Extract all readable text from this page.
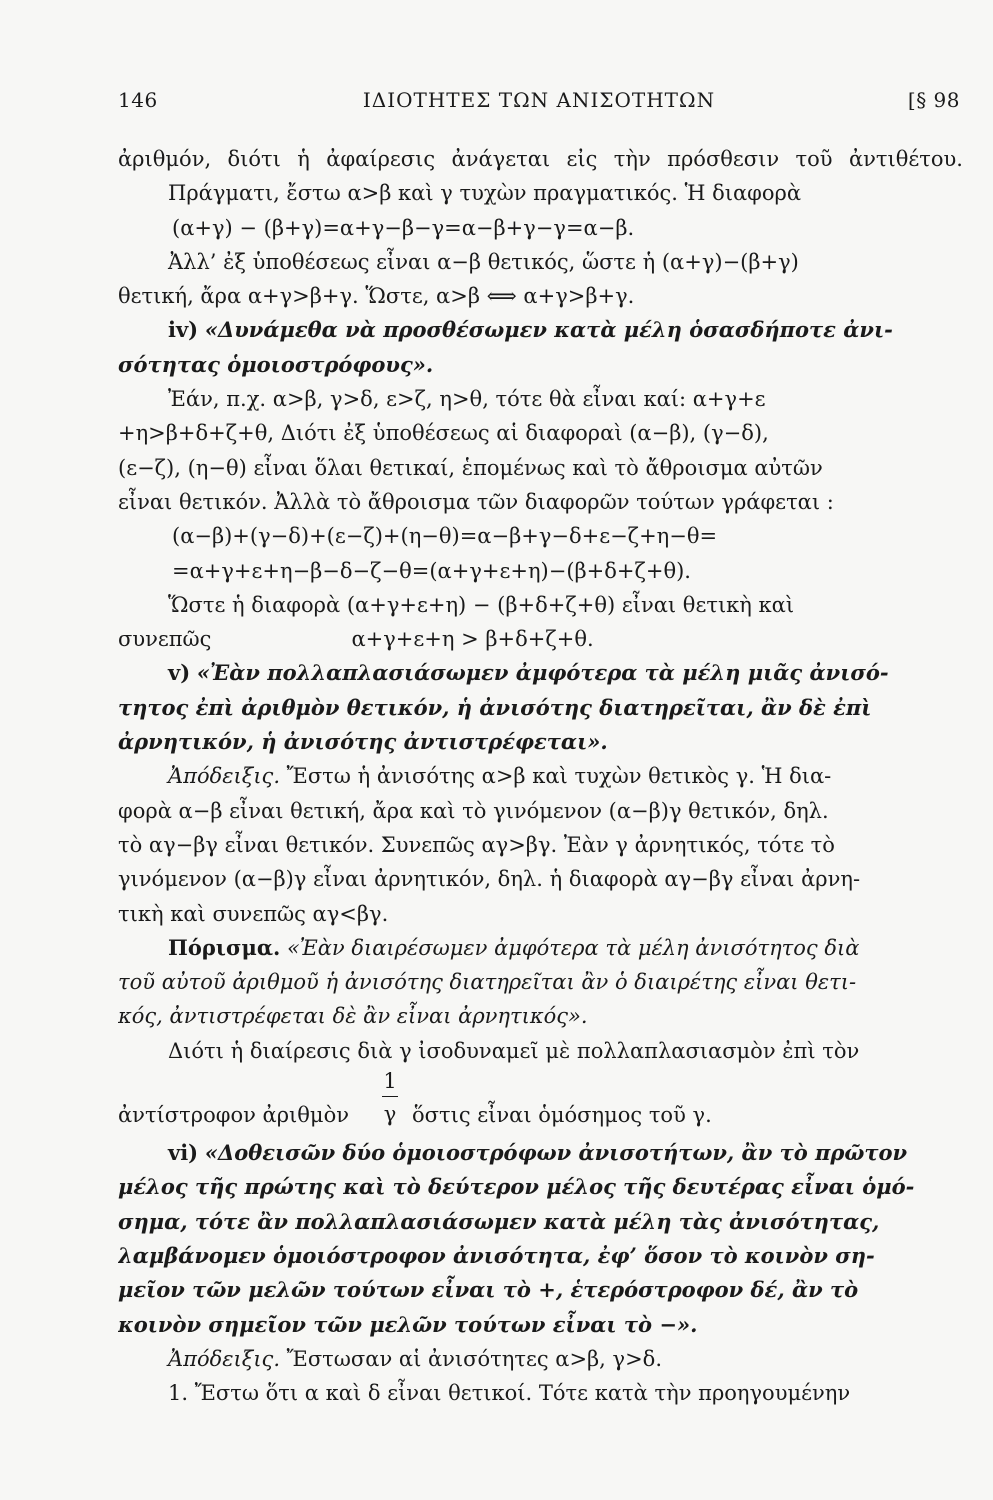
146	ΙΔΙΟΤΗΤΕΣ ΤΩΝ ΑΝΙΣΟΤΗΤΩΝ	[§ 98
ἀριθμόν, διότι ἡ ἀφαίρεσις ἀνάγεται εἰς τὴν πρόσθεσιν τοῦ ἀντιθέτου.
Πράγματι, ἔστω α>β καὶ γ τυχὼν πραγματικός. Ἡ διαφορὰ
(α+γ) − (β+γ)=α+γ−β−γ=α−β+γ−γ=α−β.
Ἀλλ’ ἐξ ὑποθέσεως εἶναι α−β θετικός, ὥστε ἡ (α+γ)−(β+γ)
θετική, ἄρα α+γ>β+γ. Ὥστε, α>β ⟺ α+γ>β+γ.
iv) «Δυνάμεθα νὰ προσθέσωμεν κατὰ μέλη ὁσασδήποτε ἀνι-
σότητας ὁμοιοστρόφους».
Ἐάν, π.χ. α>β, γ>δ, ε>ζ, η>θ, τότε θὰ εἶναι καί: α+γ+ε
+η>β+δ+ζ+θ, Διότι ἐξ ὑποθέσεως αἱ διαφοραὶ (α−β), (γ−δ),
(ε−ζ), (η−θ) εἶναι ὅλαι θετικαί, ἑπομένως καὶ τὸ ἄθροισμα αὐτῶν
εἶναι θετικόν. Ἀλλὰ τὸ ἄθροισμα τῶν διαφορῶν τούτων γράφεται :
(α−β)+(γ−δ)+(ε−ζ)+(η−θ)=α−β+γ−δ+ε−ζ+η−θ=
=α+γ+ε+η−β−δ−ζ−θ=(α+γ+ε+η)−(β+δ+ζ+θ).
Ὥστε ἡ διαφορὰ (α+γ+ε+η) − (β+δ+ζ+θ) εἶναι θετικὴ καὶ
συνεπῶς	α+γ+ε+η > β+δ+ζ+θ.
v) «Ἐὰν πολλαπλασιάσωμεν ἀμφότερα τὰ μέλη μιᾶς ἀνισό-
τητος ἐπὶ ἀριθμὸν θετικόν, ἡ ἀνισότης διατηρεῖται, ἂν δὲ ἐπὶ
ἀρνητικόν, ἡ ἀνισότης ἀντιστρέφεται».
Ἀπόδειξις. Ἔστω ἡ ἀνισότης α>β καὶ τυχὼν θετικὸς γ. Ἡ δια-
φορὰ α−β εἶναι θετική, ἄρα καὶ τὸ γινόμενον (α−β)γ θετικόν, δηλ.
τὸ αγ−βγ εἶναι θετικόν. Συνεπῶς αγ>βγ. Ἐὰν γ ἀρνητικός, τότε τὸ
γινόμενον (α−β)γ εἶναι ἀρνητικόν, δηλ. ἡ διαφορὰ αγ−βγ εἶναι ἀρνη-
τικὴ καὶ συνεπῶς αγ<βγ.
Πόρισμα. «Ἐὰν διαιρέσωμεν ἀμφότερα τὰ μέλη ἀνισότητος διὰ
τοῦ αὐτοῦ ἀριθμοῦ ἡ ἀνισότης διατηρεῖται ἂν ὁ διαιρέτης εἶναι θετι-
κός, ἀντιστρέφεται δὲ ἂν εἶναι ἀρνητικός».
Διότι ἡ διαίρεσις διὰ γ ἰσοδυναμεῖ μὲ πολλαπλασιασμὸν ἐπὶ τὸν
ἀντίστροφον ἀριθμὸν $\frac{1}{\gamma}$ ὅστις εἶναι ὁμόσημος τοῦ γ.
vi) «Δοθεισῶν δύο ὁμοιοστρόφων ἀνισοτήτων, ἂν τὸ πρῶτον
μέλος τῆς πρώτης καὶ τὸ δεύτερον μέλος τῆς δευτέρας εἶναι ὁμό-
σημα, τότε ἂν πολλαπλασιάσωμεν κατὰ μέλη τὰς ἀνισότητας,
λαμβάνομεν ὁμοιόστροφον ἀνισότητα, ἐφ’ ὅσον τὸ κοινὸν ση-
μεῖον τῶν μελῶν τούτων εἶναι τὸ +, ἑτερόστροφον δέ, ἂν τὸ
κοινὸν σημεῖον τῶν μελῶν τούτων εἶναι τὸ −».
Ἀπόδειξις. Ἔστωσαν αἱ ἀνισότητες α>β, γ>δ.
1. Ἔστω ὅτι α καὶ δ εἶναι θετικοί. Τότε κατὰ τὴν προηγουμένην
